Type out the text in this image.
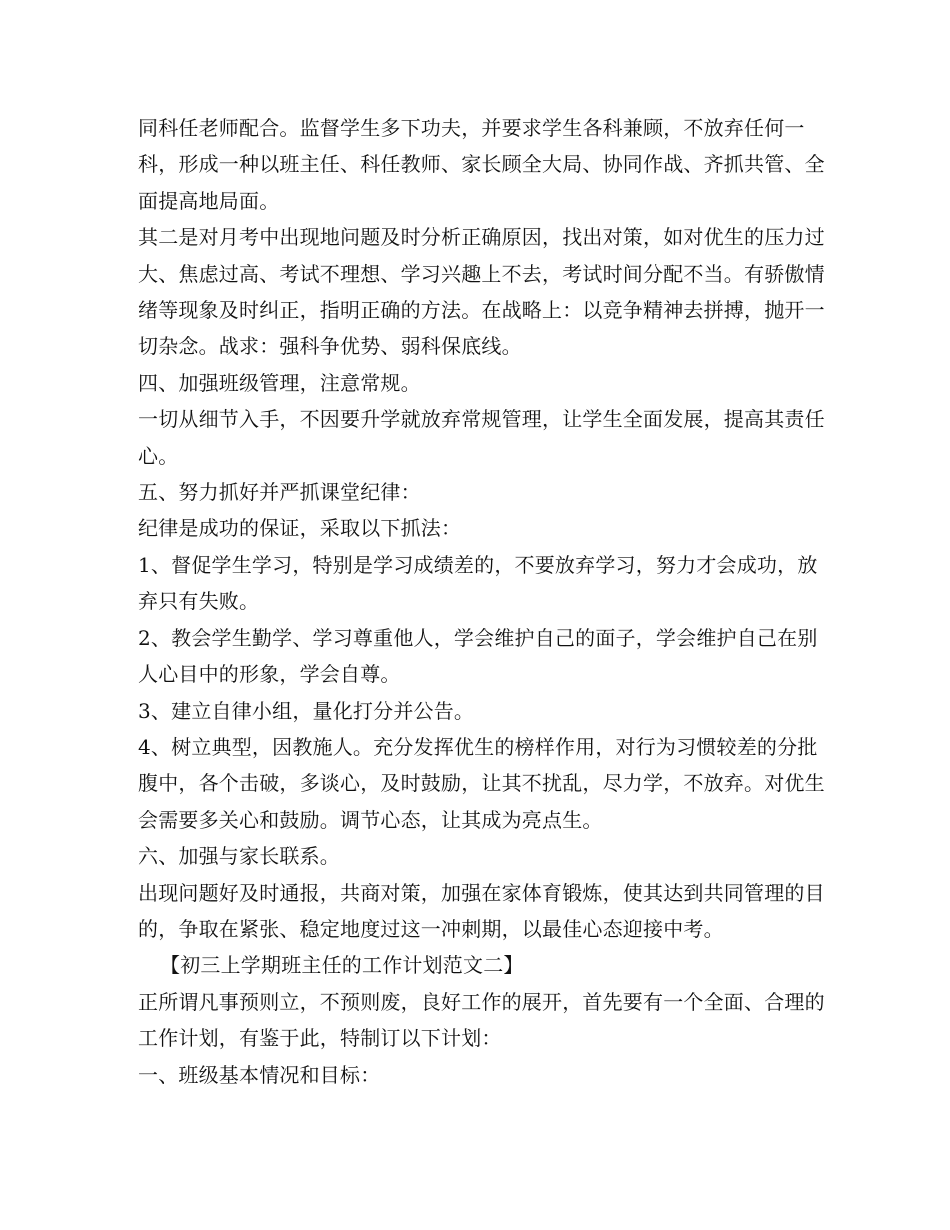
同科任老师配合。监督学生多下功夫，并要求学生各科兼顾，不放弃任何一科，形成一种以班主任、科任教师、家长顾全大局、协同作战、齐抓共管、全面提高地局面。

其二是对月考中出现地问题及时分析正确原因，找出对策，如对优生的压力过大、焦虑过高、考试不理想、学习兴趣上不去，考试时间分配不当。有骄傲情绪等现象及时纠正，指明正确的方法。在战略上：以竞争精神去拼搏，抛开一切杂念。战求：强科争优势、弱科保底线。

四、加强班级管理，注意常规。

一切从细节入手，不因要升学就放弃常规管理，让学生全面发展，提高其责任心。

五、努力抓好并严抓课堂纪律：

纪律是成功的保证，采取以下抓法：

1、督促学生学习，特别是学习成绩差的，不要放弃学习，努力才会成功，放弃只有失败。

2、教会学生勤学、学习尊重他人，学会维护自己的面子，学会维护自己在别人心目中的形象，学会自尊。

3、建立自律小组，量化打分并公告。

4、树立典型，因教施人。充分发挥优生的榜样作用，对行为习惯较差的分批腹中，各个击破，多谈心，及时鼓励，让其不扰乱，尽力学，不放弃。对优生会需要多关心和鼓励。调节心态，让其成为亮点生。

六、加强与家长联系。

出现问题好及时通报，共商对策，加强在家体育锻炼，使其达到共同管理的目的，争取在紧张、稳定地度过这一冲刺期，以最佳心态迎接中考。

【初三上学期班主任的工作计划范文二】

正所谓凡事预则立，不预则废，良好工作的展开，首先要有一个全面、合理的工作计划，有鉴于此，特制订以下计划：

一、班级基本情况和目标：
